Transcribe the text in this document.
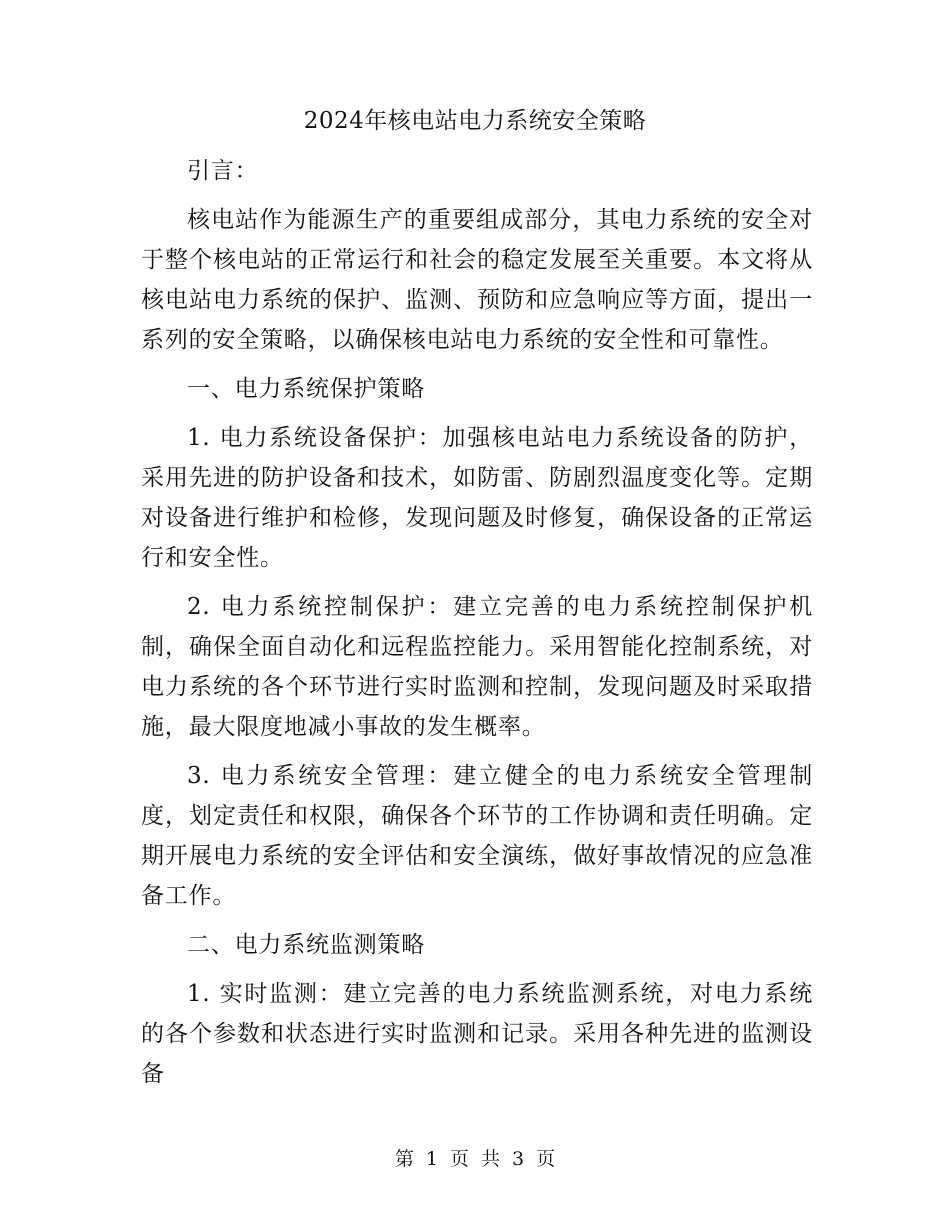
2024年核电站电力系统安全策略

引言：

核电站作为能源生产的重要组成部分，其电力系统的安全对于整个核电站的正常运行和社会的稳定发展至关重要。本文将从核电站电力系统的保护、监测、预防和应急响应等方面，提出一系列的安全策略，以确保核电站电力系统的安全性和可靠性。

一、电力系统保护策略

1. 电力系统设备保护：加强核电站电力系统设备的防护，采用先进的防护设备和技术，如防雷、防剧烈温度变化等。定期对设备进行维护和检修，发现问题及时修复，确保设备的正常运行和安全性。

2. 电力系统控制保护：建立完善的电力系统控制保护机制，确保全面自动化和远程监控能力。采用智能化控制系统，对电力系统的各个环节进行实时监测和控制，发现问题及时采取措施，最大限度地减小事故的发生概率。

3. 电力系统安全管理：建立健全的电力系统安全管理制度，划定责任和权限，确保各个环节的工作协调和责任明确。定期开展电力系统的安全评估和安全演练，做好事故情况的应急准备工作。

二、电力系统监测策略

1. 实时监测：建立完善的电力系统监测系统，对电力系统的各个参数和状态进行实时监测和记录。采用各种先进的监测设备

第 1 页 共 3 页
